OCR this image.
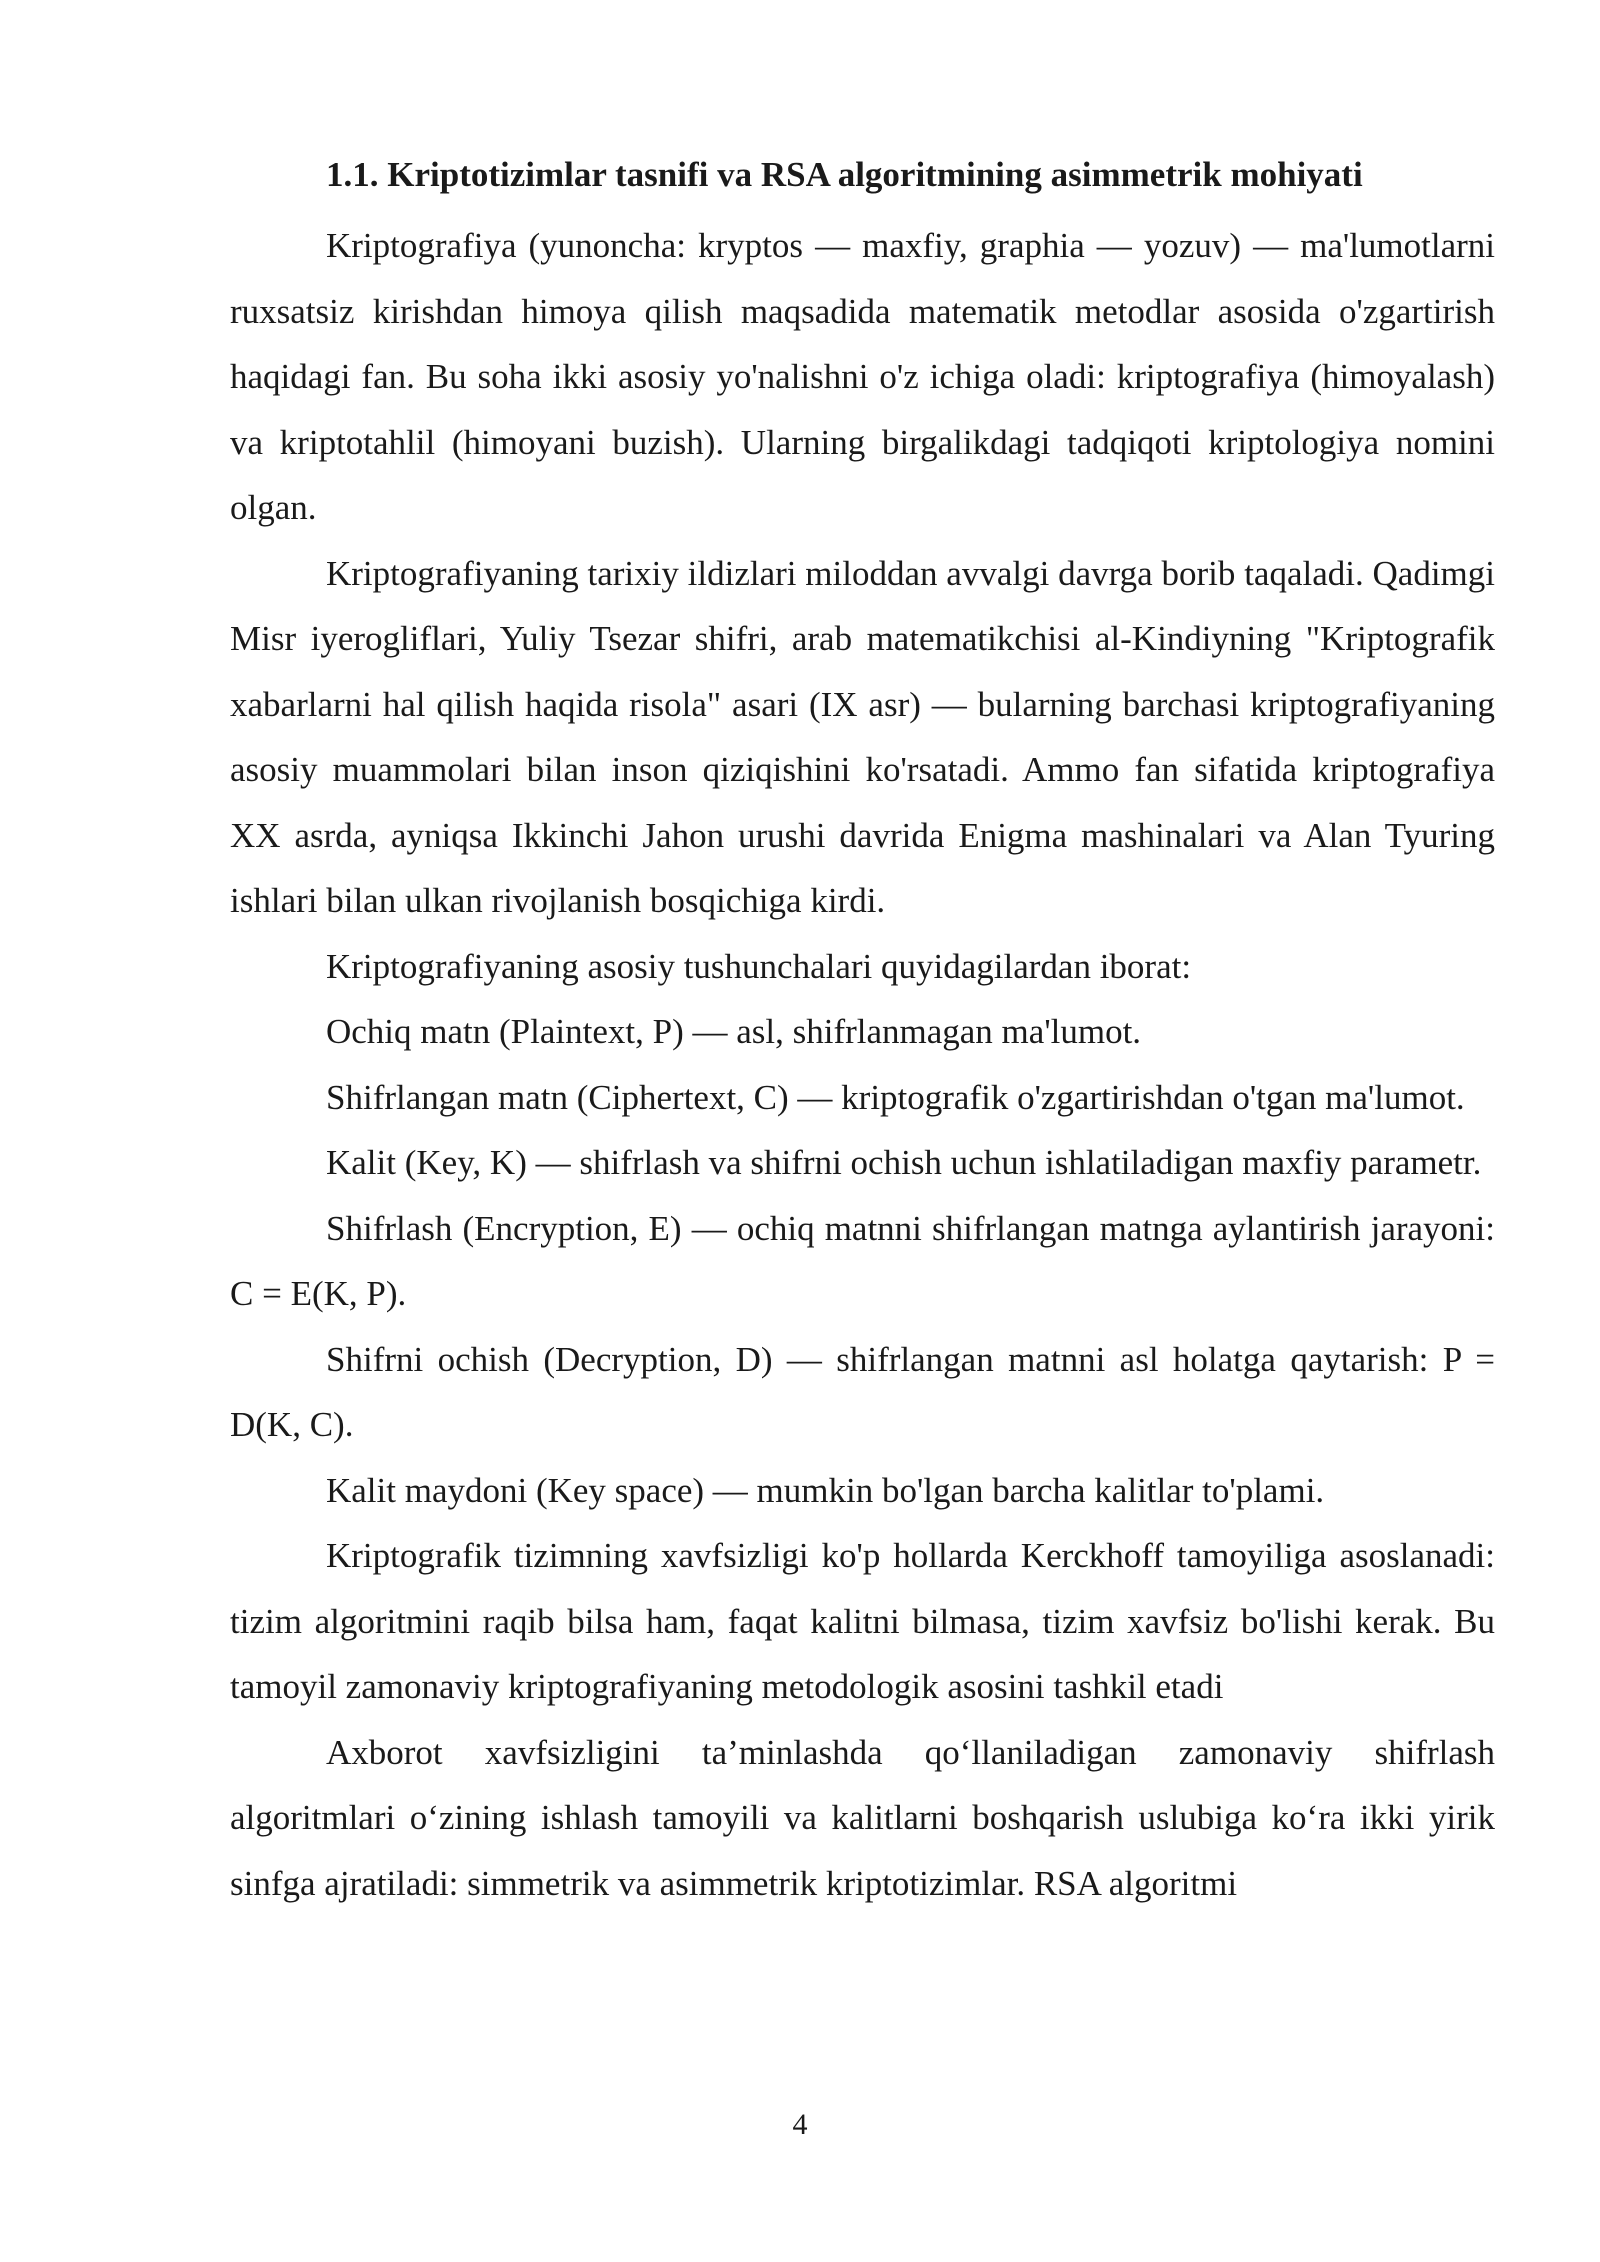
1.1. Kriptotizimlar tasnifi va RSA algoritmining asimmetrik mohiyati

Kriptografiya (yunoncha: kryptos — maxfiy, graphia — yozuv) — ma'lumotlarni ruxsatsiz kirishdan himoya qilish maqsadida matematik metodlar asosida o'zgartirish haqidagi fan. Bu soha ikki asosiy yo'nalishni o'z ichiga oladi: kriptografiya (himoyalash) va kriptotahlil (himoyani buzish). Ularning birgalikdagi tadqiqoti kriptologiya nomini olgan.

Kriptografiyaning tarixiy ildizlari miloddan avvalgi davrga borib taqaladi. Qadimgi Misr iyerogliflari, Yuliy Tsezar shifri, arab matematikchisi al-Kindiyning "Kriptografik xabarlarni hal qilish haqida risola" asari (IX asr) — bularning barchasi kriptografiyaning asosiy muammolari bilan inson qiziqishini ko'rsatadi. Ammo fan sifatida kriptografiya XX asrda, ayniqsa Ikkinchi Jahon urushi davrida Enigma mashinalari va Alan Tyuring ishlari bilan ulkan rivojlanish bosqichiga kirdi.

Kriptografiyaning asosiy tushunchalari quyidagilardan iborat:

Ochiq matn (Plaintext, P) — asl, shifrlanmagan ma'lumot.

Shifrlangan matn (Ciphertext, C) — kriptografik o'zgartirishdan o'tgan ma'lumot.

Kalit (Key, K) — shifrlash va shifrni ochish uchun ishlatiladigan maxfiy parametr.

Shifrlash (Encryption, E) — ochiq matnni shifrlangan matnga aylantirish jarayoni: C = E(K, P).

Shifrni ochish (Decryption, D) — shifrlangan matnni asl holatga qaytarish: P = D(K, C).

Kalit maydoni (Key space) — mumkin bo'lgan barcha kalitlar to'plami.

Kriptografik tizimning xavfsizligi ko'p hollarda Kerckhoff tamoyiliga asoslanadi: tizim algoritmini raqib bilsa ham, faqat kalitni bilmasa, tizim xavfsiz bo'lishi kerak. Bu tamoyil zamonaviy kriptografiyaning metodologik asosini tashkil etadi

Axborot xavfsizligini ta’minlashda qo‘llaniladigan zamonaviy shifrlash algoritmlari o‘zining ishlash tamoyili va kalitlarni boshqarish uslubiga ko‘ra ikki yirik sinfga ajratiladi: simmetrik va asimmetrik kriptotizimlar. RSA algoritmi

4
